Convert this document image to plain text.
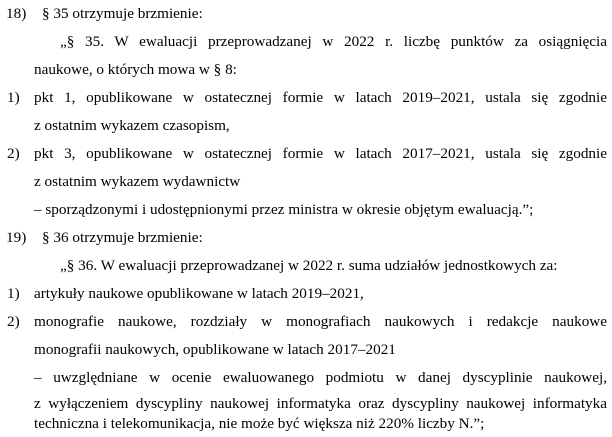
18) § 35 otrzymuje brzmienie:
„§ 35. W ewaluacji przeprowadzanej w 2022 r. liczbę punktów za osiągnięcia
naukowe, o których mowa w § 8:
1) pkt 1, opublikowane w ostatecznej formie w latach 2019–2021, ustala się zgodnie
z ostatnim wykazem czasopism,
2) pkt 3, opublikowane w ostatecznej formie w latach 2017–2021, ustala się zgodnie
z ostatnim wykazem wydawnictw
– sporządzonymi i udostępnionymi przez ministra w okresie objętym ewaluacją.”;
19) § 36 otrzymuje brzmienie:
„§ 36. W ewaluacji przeprowadzanej w 2022 r. suma udziałów jednostkowych za:
1) artykuły naukowe opublikowane w latach 2019–2021,
2) monografie naukowe, rozdziały w monografiach naukowych i redakcje naukowe
monografii naukowych, opublikowane w latach 2017–2021
– uwzględniane w ocenie ewaluowanego podmiotu w danej dyscyplinie naukowej,
z wyłączeniem dyscypliny naukowej informatyka oraz dyscypliny naukowej informatyka
techniczna i telekomunikacja, nie może być większa niż 220% liczby N.”;
